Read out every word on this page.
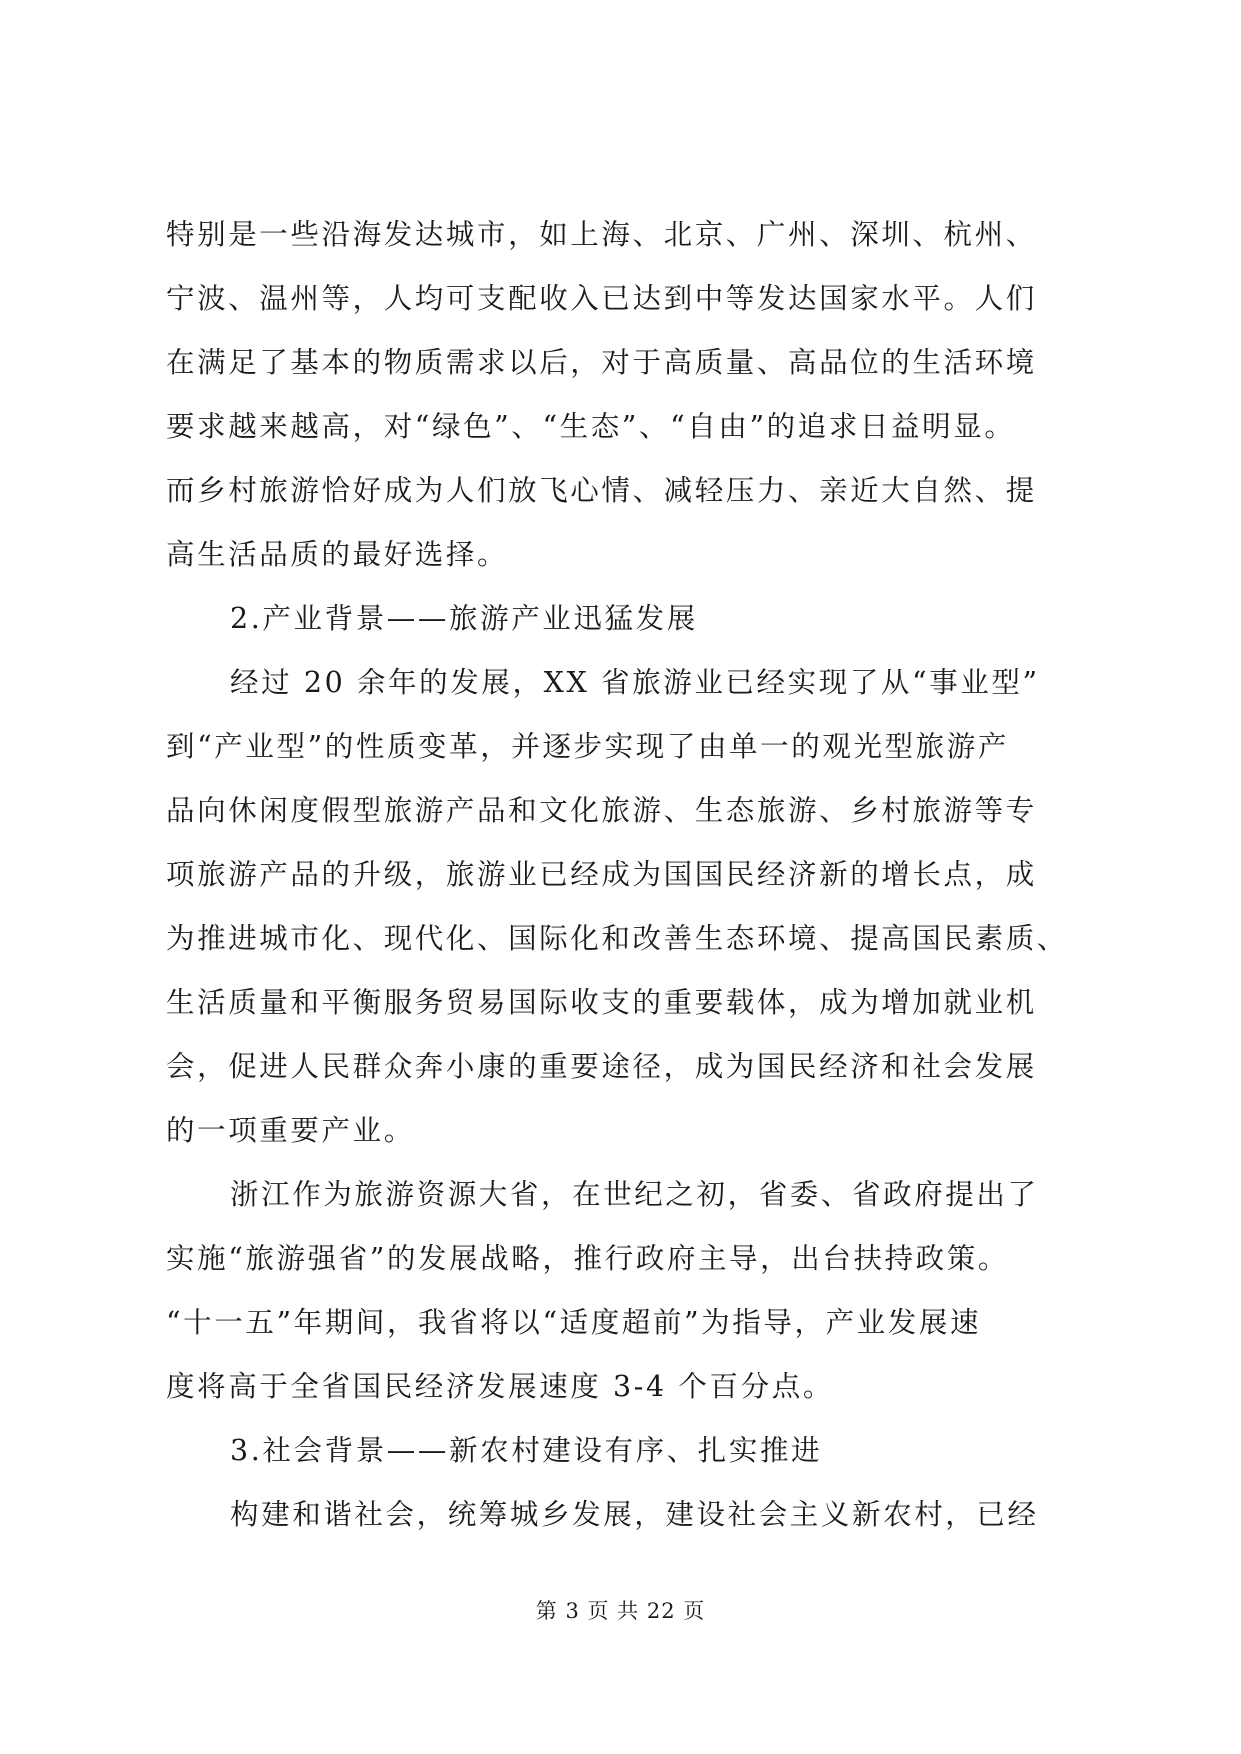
特别是一些沿海发达城市，如上海、北京、广州、深圳、杭州、
宁波、温州等，人均可支配收入已达到中等发达国家水平。人们
在满足了基本的物质需求以后，对于高质量、高品位的生活环境
要求越来越高，对“绿色”、“生态”、“自由”的追求日益明显。
而乡村旅游恰好成为人们放飞心情、减轻压力、亲近大自然、提
高生活品质的最好选择。
2.产业背景——旅游产业迅猛发展
经过 20 余年的发展，XX 省旅游业已经实现了从“事业型”
到“产业型”的性质变革，并逐步实现了由单一的观光型旅游产
品向休闲度假型旅游产品和文化旅游、生态旅游、乡村旅游等专
项旅游产品的升级，旅游业已经成为国国民经济新的增长点，成
为推进城市化、现代化、国际化和改善生态环境、提高国民素质、
生活质量和平衡服务贸易国际收支的重要载体，成为增加就业机
会，促进人民群众奔小康的重要途径，成为国民经济和社会发展
的一项重要产业。
浙江作为旅游资源大省，在世纪之初，省委、省政府提出了
实施“旅游强省”的发展战略，推行政府主导，出台扶持政策。
“十一五”年期间，我省将以“适度超前”为指导，产业发展速
度将高于全省国民经济发展速度 3-4 个百分点。
3.社会背景——新农村建设有序、扎实推进
构建和谐社会，统筹城乡发展，建设社会主义新农村，已经
第 3 页 共 22 页
